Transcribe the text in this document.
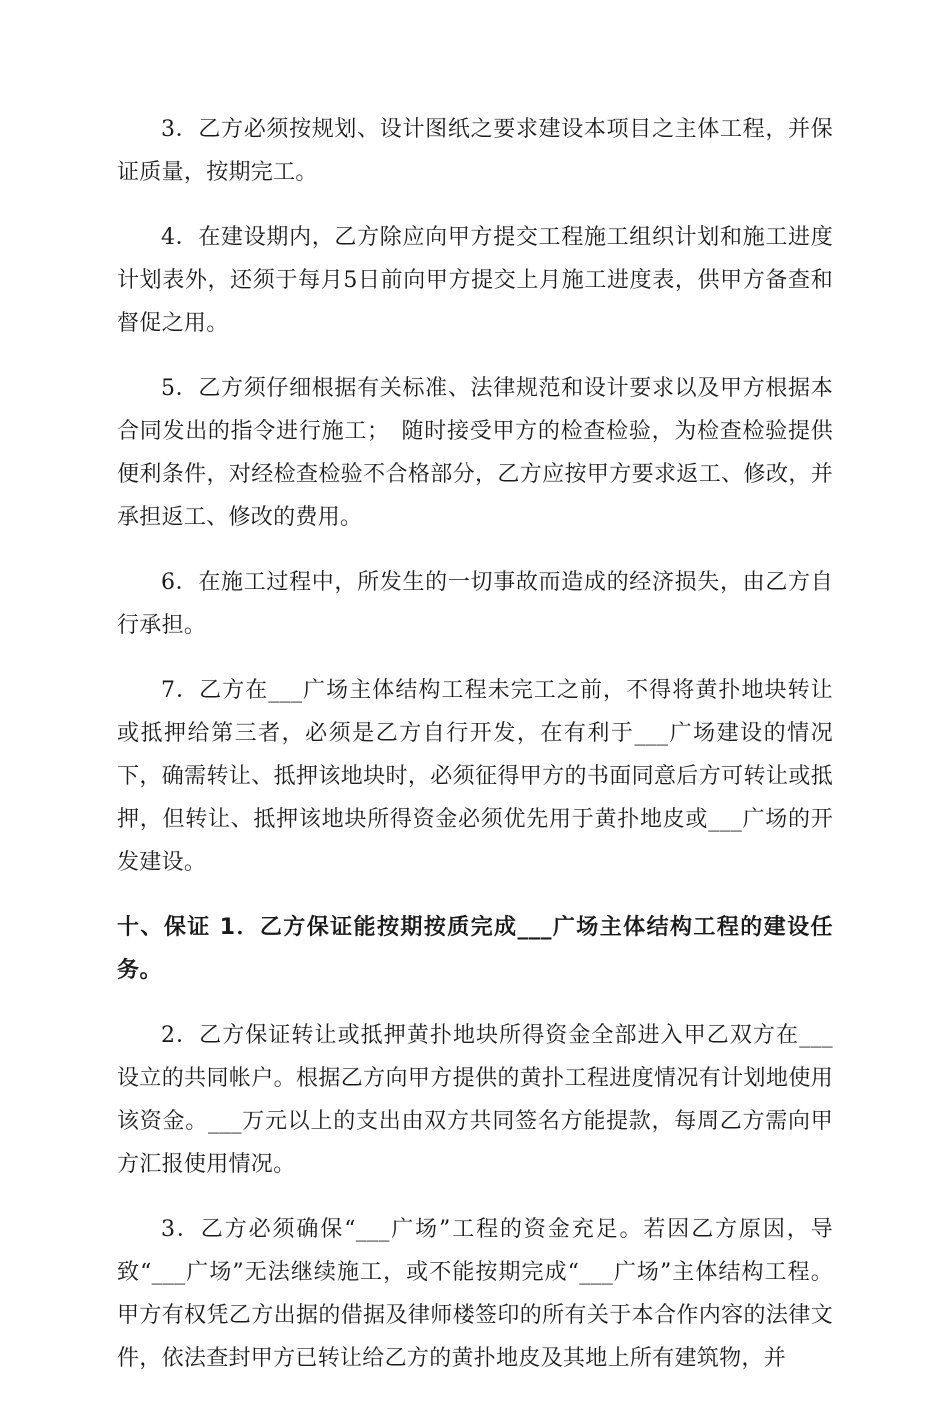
3．乙方必须按规划、设计图纸之要求建设本项目之主体工程，并保证质量，按期完工。

4．在建设期内，乙方除应向甲方提交工程施工组织计划和施工进度计划表外，还须于每月5日前向甲方提交上月施工进度表，供甲方备查和督促之用。

5．乙方须仔细根据有关标准、法律规范和设计要求以及甲方根据本合同发出的指令进行施工；　随时接受甲方的检查检验，为检查检验提供便利条件，对经检查检验不合格部分，乙方应按甲方要求返工、修改，并承担返工、修改的费用。

6．在施工过程中，所发生的一切事故而造成的经济损失，由乙方自行承担。

7．乙方在___广场主体结构工程未完工之前，不得将黄扑地块转让或抵押给第三者，必须是乙方自行开发，在有利于___广场建设的情况下，确需转让、抵押该地块时，必须征得甲方的书面同意后方可转让或抵押，但转让、抵押该地块所得资金必须优先用于黄扑地皮或___广场的开发建设。

十、保证 1．乙方保证能按期按质完成___广场主体结构工程的建设任务。

2．乙方保证转让或抵押黄扑地块所得资金全部进入甲乙双方在___设立的共同帐户。根据乙方向甲方提供的黄扑工程进度情况有计划地使用该资金。___万元以上的支出由双方共同签名方能提款，每周乙方需向甲方汇报使用情况。

3．乙方必须确保“___广场”工程的资金充足。若因乙方原因，导致“___广场”无法继续施工，或不能按期完成“___广场”主体结构工程。甲方有权凭乙方出据的借据及律师楼签印的所有关于本合作内容的法律文件，依法查封甲方已转让给乙方的黄扑地皮及其地上所有建筑物，并
